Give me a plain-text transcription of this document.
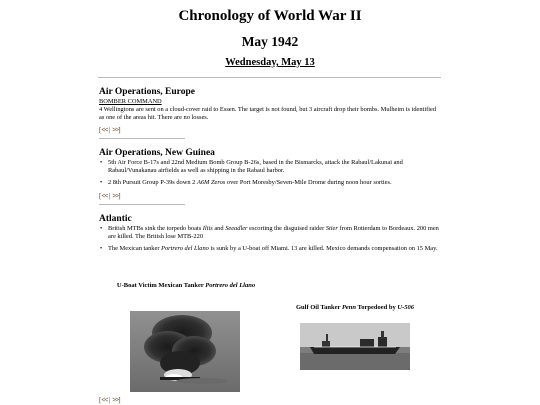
Chronology of World War II
May 1942
Wednesday, May 13
Air Operations, Europe
BOMBER COMMAND

4 Wellingtons are sent on a cloud-cover raid to Essen. The target is not found, but 3 aircraft drop their bombs. Mulheim is identified as one of the areas hit. There are no losses.

[<< | >>]
Air Operations, New Guinea
• 5th Air Force B-17s and 22nd Medium Bomb Group B-26s, based in the Bismarcks, attack the Rabaul/Lakunai and Rabaul/Vunakanau airfields as well as shipping in the Rabaul harbor.
• 2 8th Pursuit Group P-39s down 2 A6M Zeros over Port Moresby/Seven-Mile Drome during noon hour sorties.
[<< | >>]
Atlantic
• British MTBs sink the torpedo boats Iltis and Seeadler escorting the disguised raider Stier from Rotterdam to Bordeaux. 200 men are killed. The British lose MTB-220
• The Mexican tanker Portrero del Llano is sunk by a U-boat off Miami. 13 are killed. Mexico demands compensation on 15 May.
U-Boat Victim Mexican Tanker Portrero del Llano
Gulf Oil Tanker Penn Torpedoed by U-506
[<< | >>]
